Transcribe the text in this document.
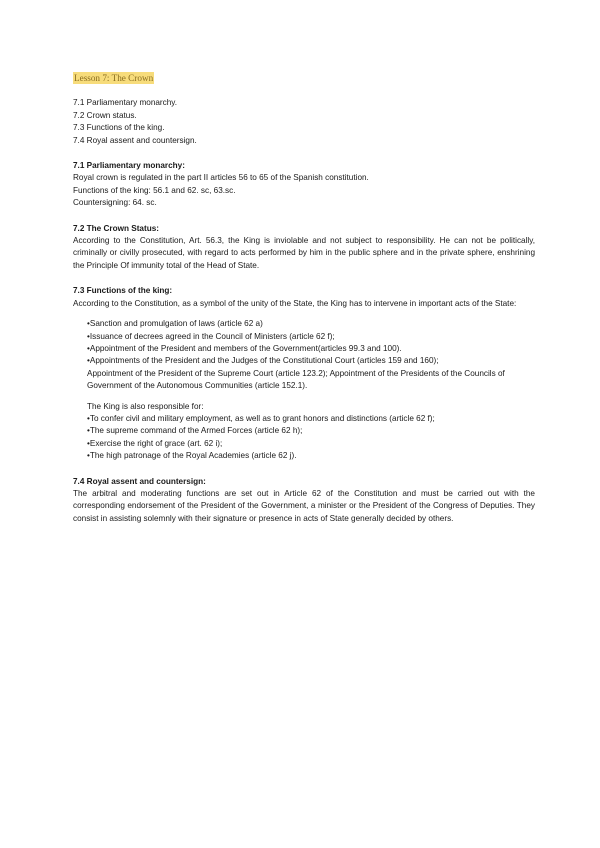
Lesson 7: The Crown
7.1 Parliamentary monarchy.
7.2 Crown status.
7.3 Functions of the king.
7.4 Royal assent and countersign.

7.1 Parliamentary monarchy:

Royal crown is regulated in the part II articles 56 to 65 of the Spanish constitution.

Functions of the king: 56.1 and 62. sc, 63.sc.

Countersigning: 64. sc.

7.2 The Crown Status:

According to the Constitution, Art. 56.3, the King is inviolable and not subject to responsibility. He can not be politically, criminally or civilly prosecuted, with regard to acts performed by him in the public sphere and in the private sphere, enshrining the Principle Of immunity total of the Head of State.

7.3 Functions of the king:

According to the Constitution, as a symbol of the unity of the State, the King has to intervene in important acts of the State:

•Sanction and promulgation of laws (article 62 a)
•Issuance of decrees agreed in the Council of Ministers (article 62 f);
•Appointment of the President and members of the Government(articles 99.3 and 100).
•Appointments of the President and the Judges of the Constitutional Court (articles 159 and 160);
Appointment of the President of the Supreme Court (article 123.2); Appointment of the Presidents of the Councils of Government of the Autonomous Communities (article 152.1).

The King is also responsible for:

•To confer civil and military employment, as well as to grant honors and distinctions (article 62 f);
•The supreme command of the Armed Forces (article 62 h);
•Exercise the right of grace (art. 62 i);
•The high patronage of the Royal Academies (article 62 j).

7.4 Royal assent and countersign:

The arbitral and moderating functions are set out in Article 62 of the Constitution and must be carried out with the corresponding endorsement of the President of the Government, a minister or the President of the Congress of Deputies. They consist in assisting solemnly with their signature or presence in acts of State generally decided by others.
